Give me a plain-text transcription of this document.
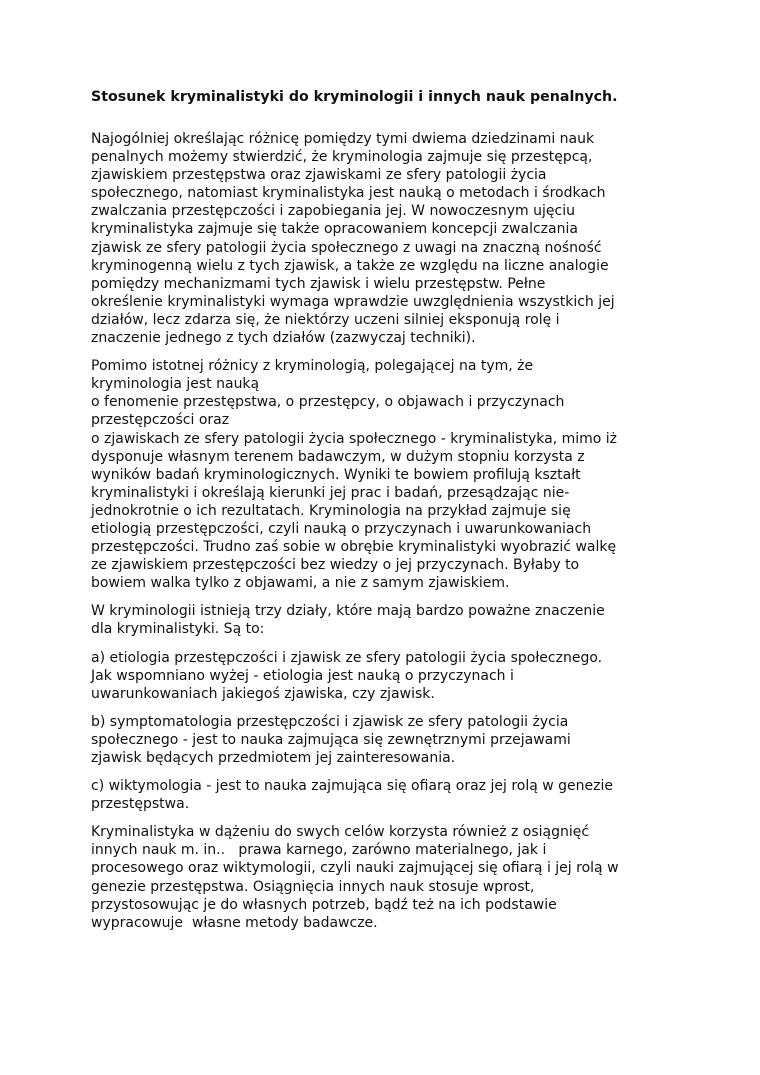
Stosunek kryminalistyki do kryminologii i innych nauk penalnych.
Najogólniej określając różnicę pomiędzy tymi dwiema dziedzinami nauk
penalnych możemy stwierdzić, że kryminologia zajmuje się przestępcą,
zjawiskiem przestępstwa oraz zjawiskami ze sfery patologii życia
społecznego, natomiast kryminalistyka jest nauką o metodach i środkach
zwalczania przestępczości i zapobiegania jej. W nowoczesnym ujęciu
kryminalistyka zajmuje się także opracowaniem koncepcji zwalczania
zjawisk ze sfery patologii życia społecznego z uwagi na znaczną nośność
kryminogenną wielu z tych zjawisk, a także ze względu na liczne analogie
pomiędzy mechanizmami tych zjawisk i wielu przestępstw. Pełne
określenie kryminalistyki wymaga wprawdzie uwzględnienia wszystkich jej
działów, lecz zdarza się, że niektórzy uczeni silniej eksponują rolę i
znaczenie jednego z tych działów (zazwyczaj techniki).
Pomimo istotnej różnicy z kryminologią, polegającej na tym, że
kryminologia jest nauką
o fenomenie przestępstwa, o przestępcy, o objawach i przyczynach
przestępczości oraz
o zjawiskach ze sfery patologii życia społecznego - kryminalistyka, mimo iż
dysponuje własnym terenem badawczym, w dużym stopniu korzysta z
wyników badań kryminologicznych. Wyniki te bowiem profilują kształt
kryminalistyki i określają kierunki jej prac i badań, przesądzając nie-
jednokrotnie o ich rezultatach. Kryminologia na przykład zajmuje się
etiologią przestępczości, czyli nauką o przyczynach i uwarunkowaniach
przestępczości. Trudno zaś sobie w obrębie kryminalistyki wyobrazić walkę
ze zjawiskiem przestępczości bez wiedzy o jej przyczynach. Byłaby to
bowiem walka tylko z objawami, a nie z samym zjawiskiem.
W kryminologii istnieją trzy działy, które mają bardzo poważne znaczenie
dla kryminalistyki. Są to:
a) etiologia przestępczości i zjawisk ze sfery patologii życia społecznego.
Jak wspomniano wyżej - etiologia jest nauką o przyczynach i
uwarunkowaniach jakiegoś zjawiska, czy zjawisk.
b) symptomatologia przestępczości i zjawisk ze sfery patologii życia
społecznego - jest to nauka zajmująca się zewnętrznymi przejawami
zjawisk będących przedmiotem jej zainteresowania.
c) wiktymologia - jest to nauka zajmująca się ofiarą oraz jej rolą w genezie
przestępstwa.
Kryminalistyka w dążeniu do swych celów korzysta również z osiągnięć
innych nauk m. in..   prawa karnego, zarówno materialnego, jak i
procesowego oraz wiktymologii, czyli nauki zajmującej się ofiarą i jej rolą w
genezie przestępstwa. Osiągnięcia innych nauk stosuje wprost,
przystosowując je do własnych potrzeb, bądź też na ich podstawie
wypracowuje  własne metody badawcze.
